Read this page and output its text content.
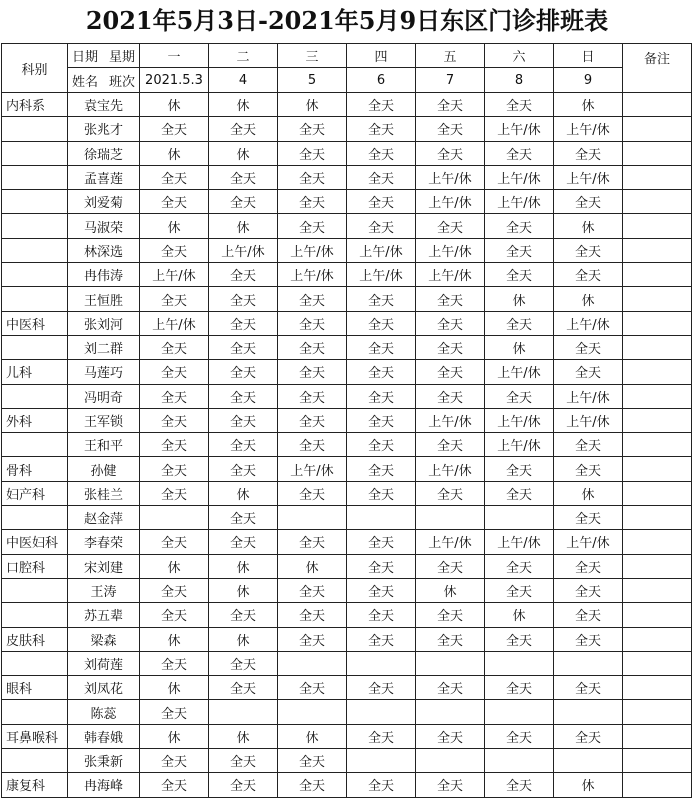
2021年5月3日-2021年5月9日东区门诊排班表
科别	日期 星期	一	二	三	四	五	六	日	备注

	姓名 班次	2021.5.3	4	5	6	7	8	9	
内科系	袁宝先	休	休	休	全天	全天	全天	休	
	张兆才	全天	全天	全天	全天	全天	上午/休	上午/休	
	徐瑞芝	休	休	全天	全天	全天	全天	全天	
	孟喜莲	全天	全天	全天	全天	上午/休	上午/休	上午/休	
	刘爱菊	全天	全天	全天	全天	上午/休	上午/休	全天	
	马淑荣	休	休	全天	全天	全天	全天	休	
	林深选	全天	上午/休	上午/休	上午/休	上午/休	全天	全天	
	冉伟涛	上午/休	全天	上午/休	上午/休	上午/休	全天	全天	
	王恒胜	全天	全天	全天	全天	全天	休	休	
中医科	张刘河	上午/休	全天	全天	全天	全天	全天	上午/休	
	刘二群	全天	全天	全天	全天	全天	休	全天	
儿科	马莲巧	全天	全天	全天	全天	全天	上午/休	全天	
	冯明奇	全天	全天	全天	全天	全天	全天	上午/休	
外科	王军锁	全天	全天	全天	全天	上午/休	上午/休	上午/休	
	王和平	全天	全天	全天	全天	全天	上午/休	全天	
骨科	孙健	全天	全天	上午/休	全天	上午/休	全天	全天	
妇产科	张桂兰	全天	休	全天	全天	全天	全天	休	
	赵金萍		全天					全天	
中医妇科	李春荣	全天	全天	全天	全天	上午/休	上午/休	上午/休	
口腔科	宋刘建	休	休	休	全天	全天	全天	全天	
	王涛	全天	休	全天	全天	休	全天	全天	
	苏五辈	全天	全天	全天	全天	全天	休	全天	
皮肤科	梁森	休	休	全天	全天	全天	全天	全天	
	刘荷莲	全天	全天						
眼科	刘凤花	休	全天	全天	全天	全天	全天	全天	
	陈蕊	全天							
耳鼻喉科	韩春娥	休	休	休	全天	全天	全天	全天	
	张秉新	全天	全天	全天					
康复科	冉海峰	全天	全天	全天	全天	全天	全天	休	
